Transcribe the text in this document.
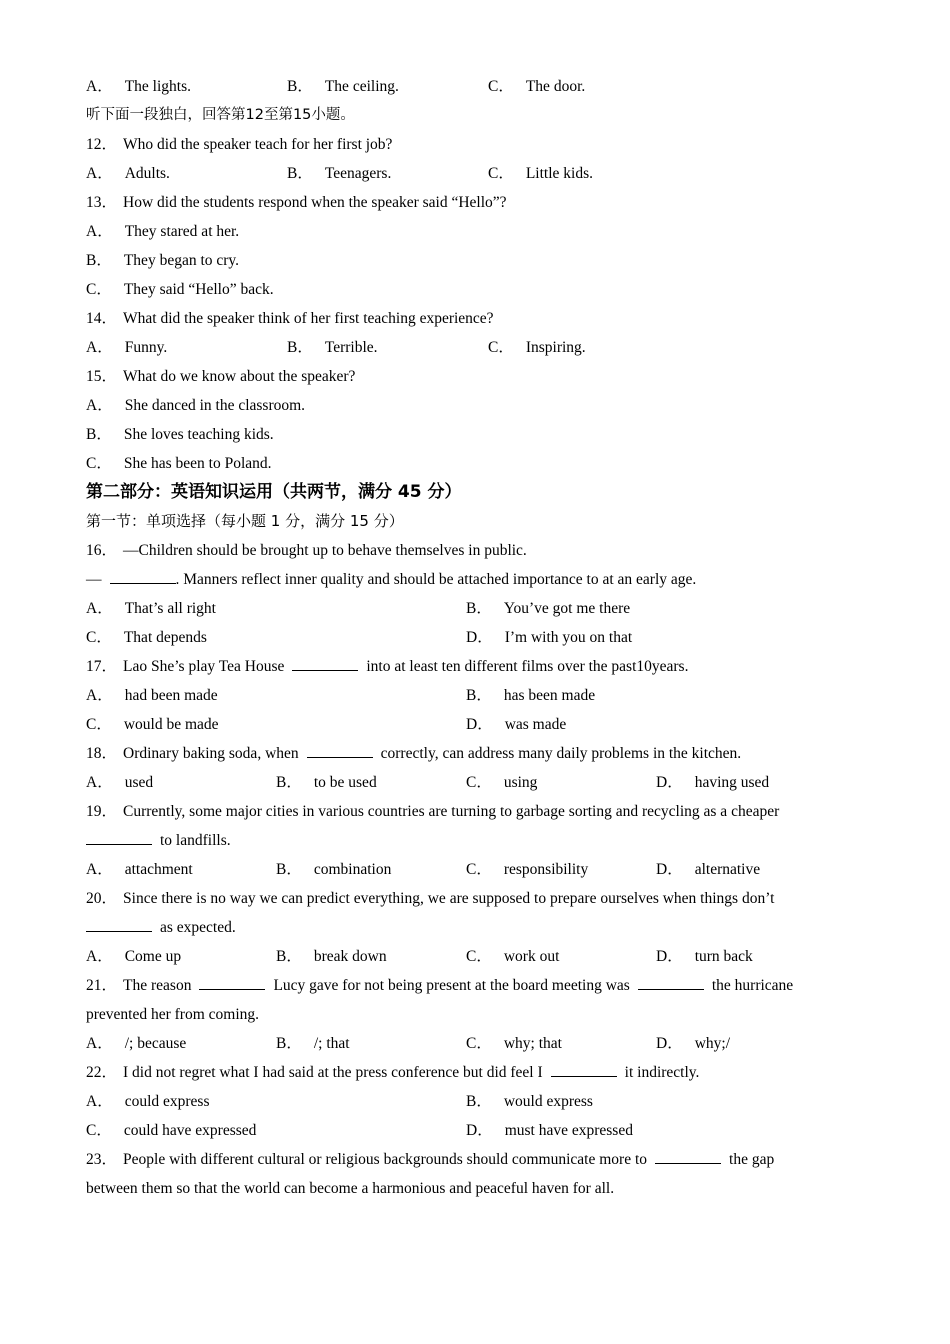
A． The lights.	B． The ceiling.	C． The door.
听下面一段独白，回答第12至第15小题。
12． Who did the speaker teach for her first job?
A． Adults.	B． Teenagers.	C． Little kids.
13． How did the students respond when the speaker said “Hello”?
A． They stared at her.
B． They began to cry.
C． They said “Hello” back.
14． What did the speaker think of her first teaching experience?
A． Funny.	B． Terrible.	C． Inspiring.
15． What do we know about the speaker?
A． She danced in the classroom.
B． She loves teaching kids.
C． She has been to Poland.
第二部分：英语知识运用（共两节，满分 45 分）
第一节：单项选择（每小题 1 分，满分 15 分）
16． —Children should be brought up to behave themselves in public.
—	. Manners reflect inner quality and should be attached importance to at an early age.
A． That’s all right	B． You’ve got me there
C． That depends	D． I’m with you on that
17． Lao She’s play Tea House	into at least ten different films over the past10years.
A． had been made	B． has been made
C． would be made	D． was made
18． Ordinary baking soda, when	correctly, can address many daily problems in the kitchen.
A． used	B． to be used	C． using	D． having used
19． Currently, some major cities in various countries are turning to garbage sorting and recycling as a cheaper
to landfills.
A． attachment	B． combination	C． responsibility	D． alternative
20． Since there is no way we can predict everything, we are supposed to prepare ourselves when things don’t
as expected.
A． Come up	B． break down	C． work out	D． turn back
21． The reason	Lucy gave for not being present at the board meeting was	the hurricane
prevented her from coming.
A． /; because	B． /; that	C． why; that	D． why;/
22． I did not regret what I had said at the press conference but did feel I	it indirectly.
A． could express	B． would express
C． could have expressed	D． must have expressed
23． People with different cultural or religious backgrounds should communicate more to	the gap
between them so that the world can become a harmonious and peaceful haven for all.
